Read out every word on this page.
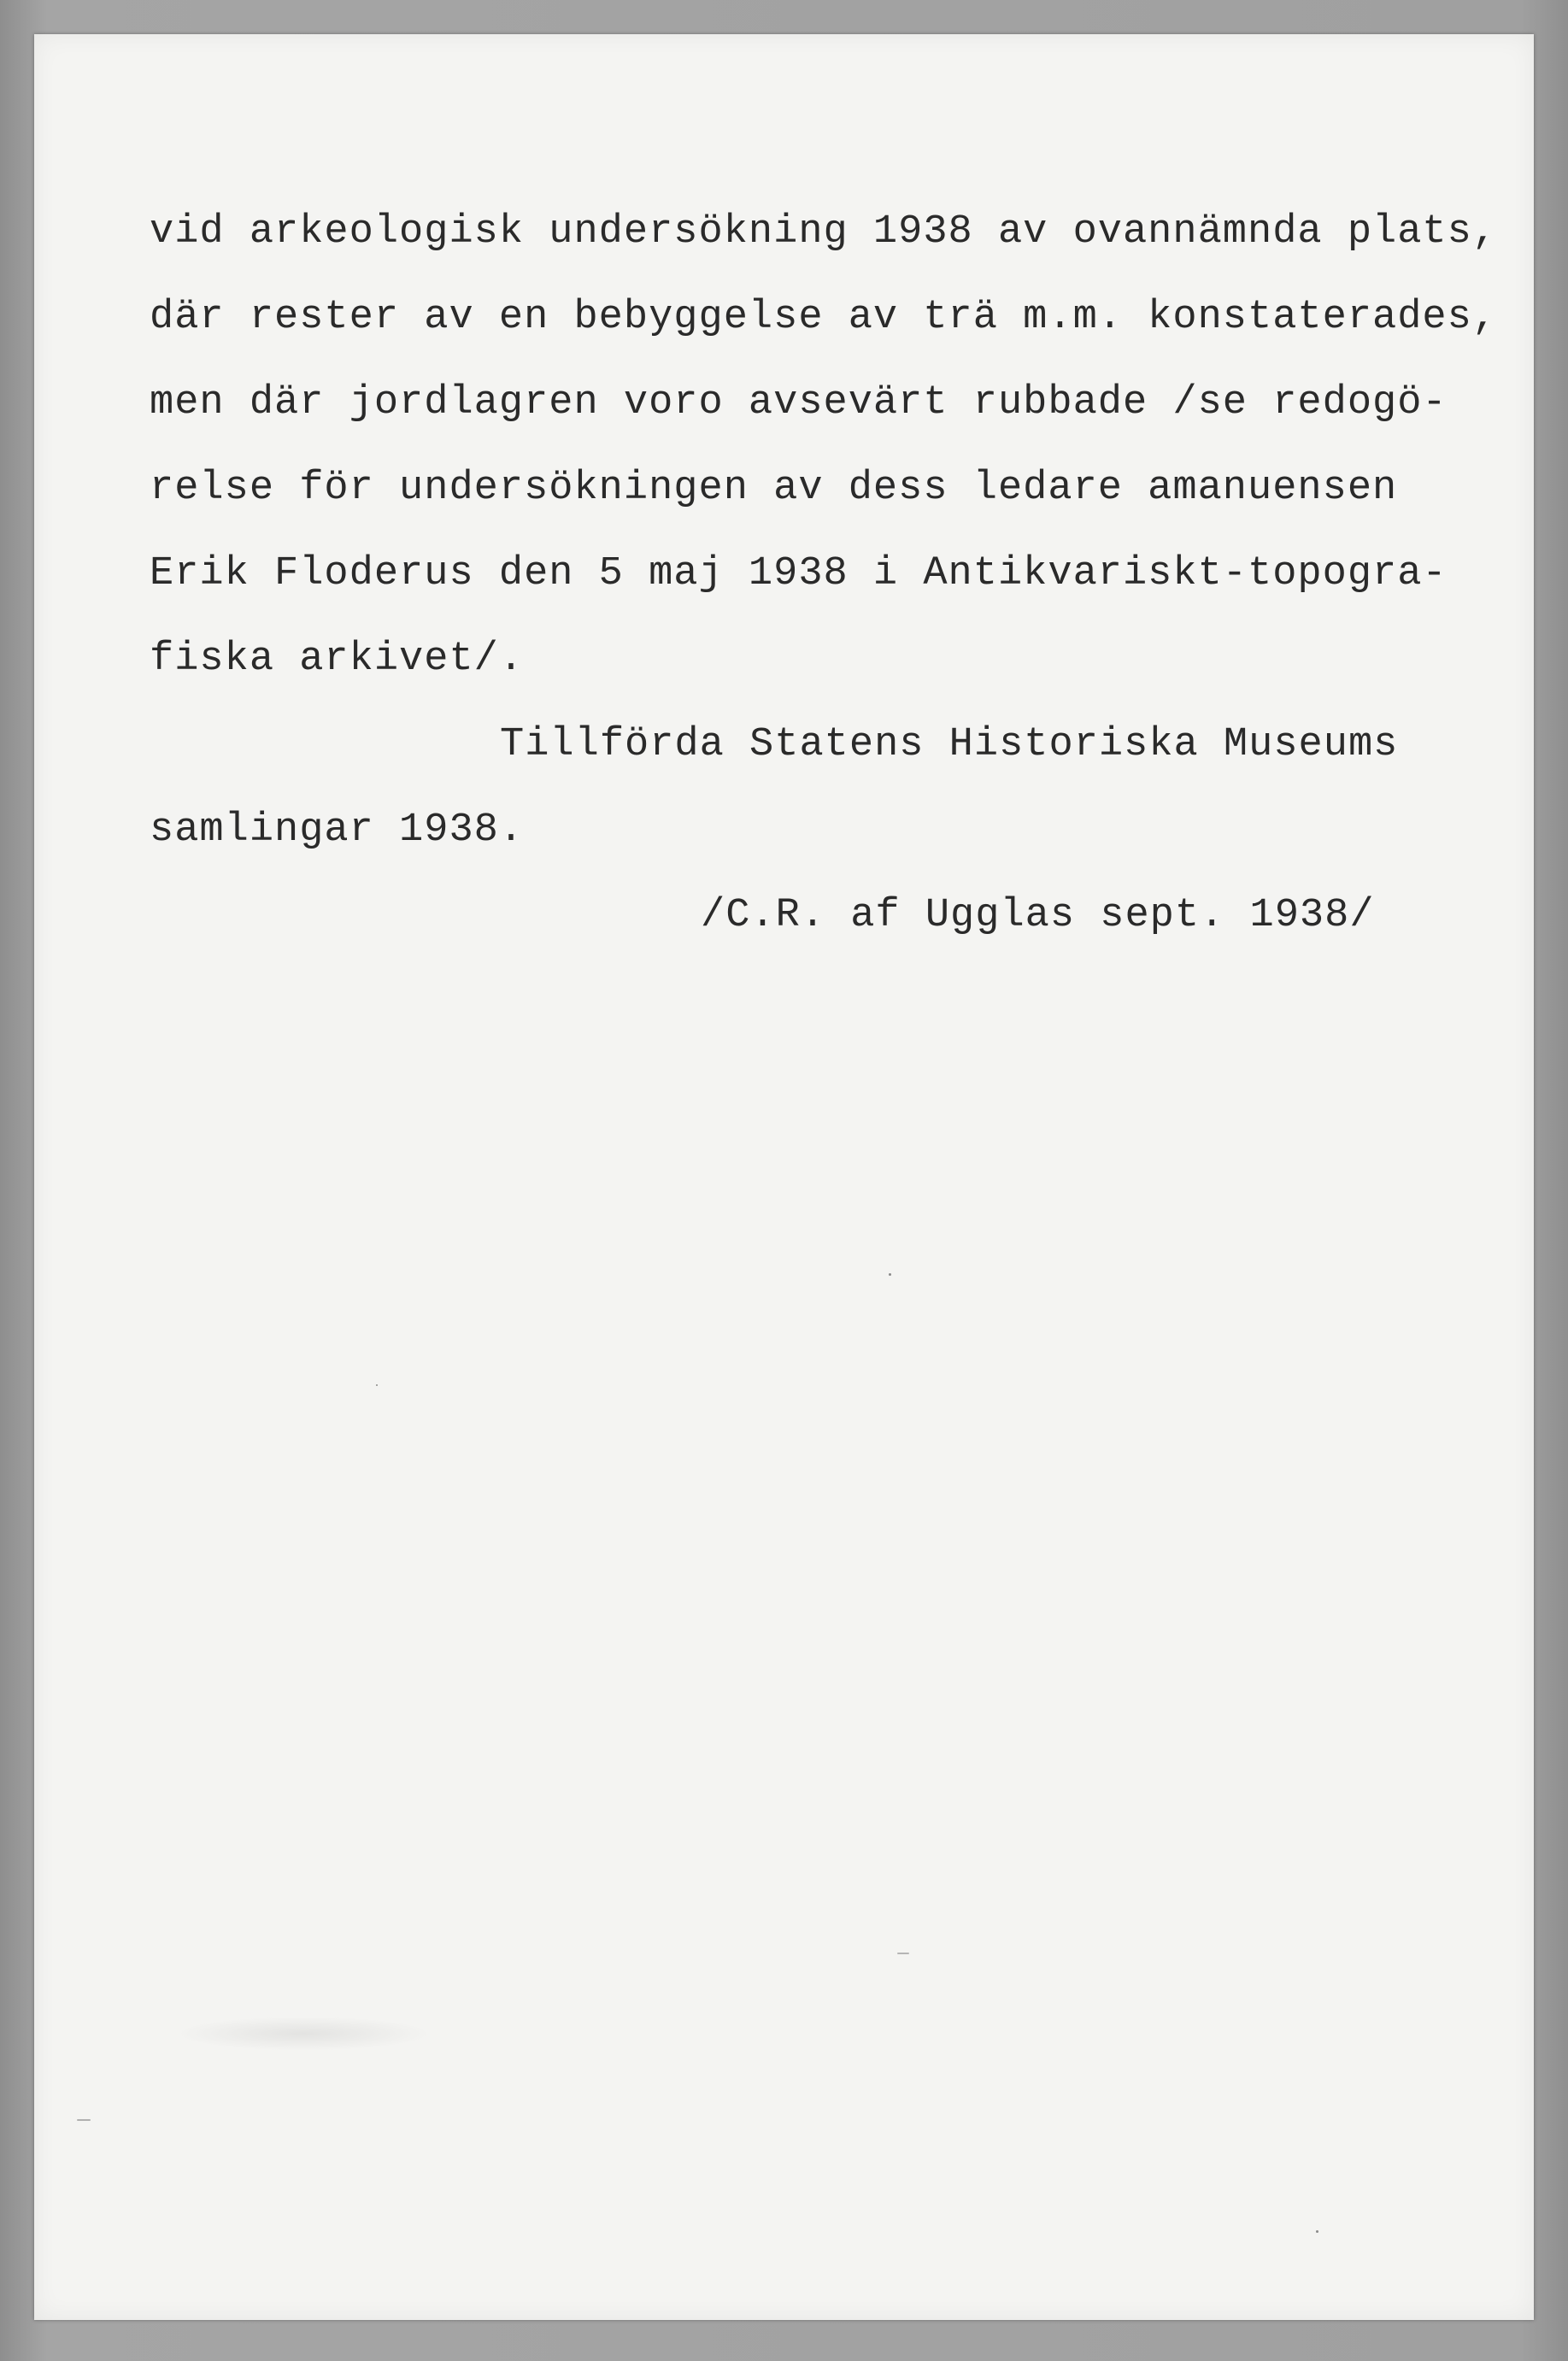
vid arkeologisk undersökning 1938 av ovannämnda plats,
där rester av en bebyggelse av trä m.m. konstaterades,
men där jordlagren voro avsevärt rubbade /se redogö-
relse för undersökningen av dess ledare amanuensen
Erik Floderus den 5 maj 1938 i Antikvariskt-topogra-
fiska arkivet/.
Tillförda Statens Historiska Museums
samlingar 1938.
/C.R. af Ugglas sept. 1938/
